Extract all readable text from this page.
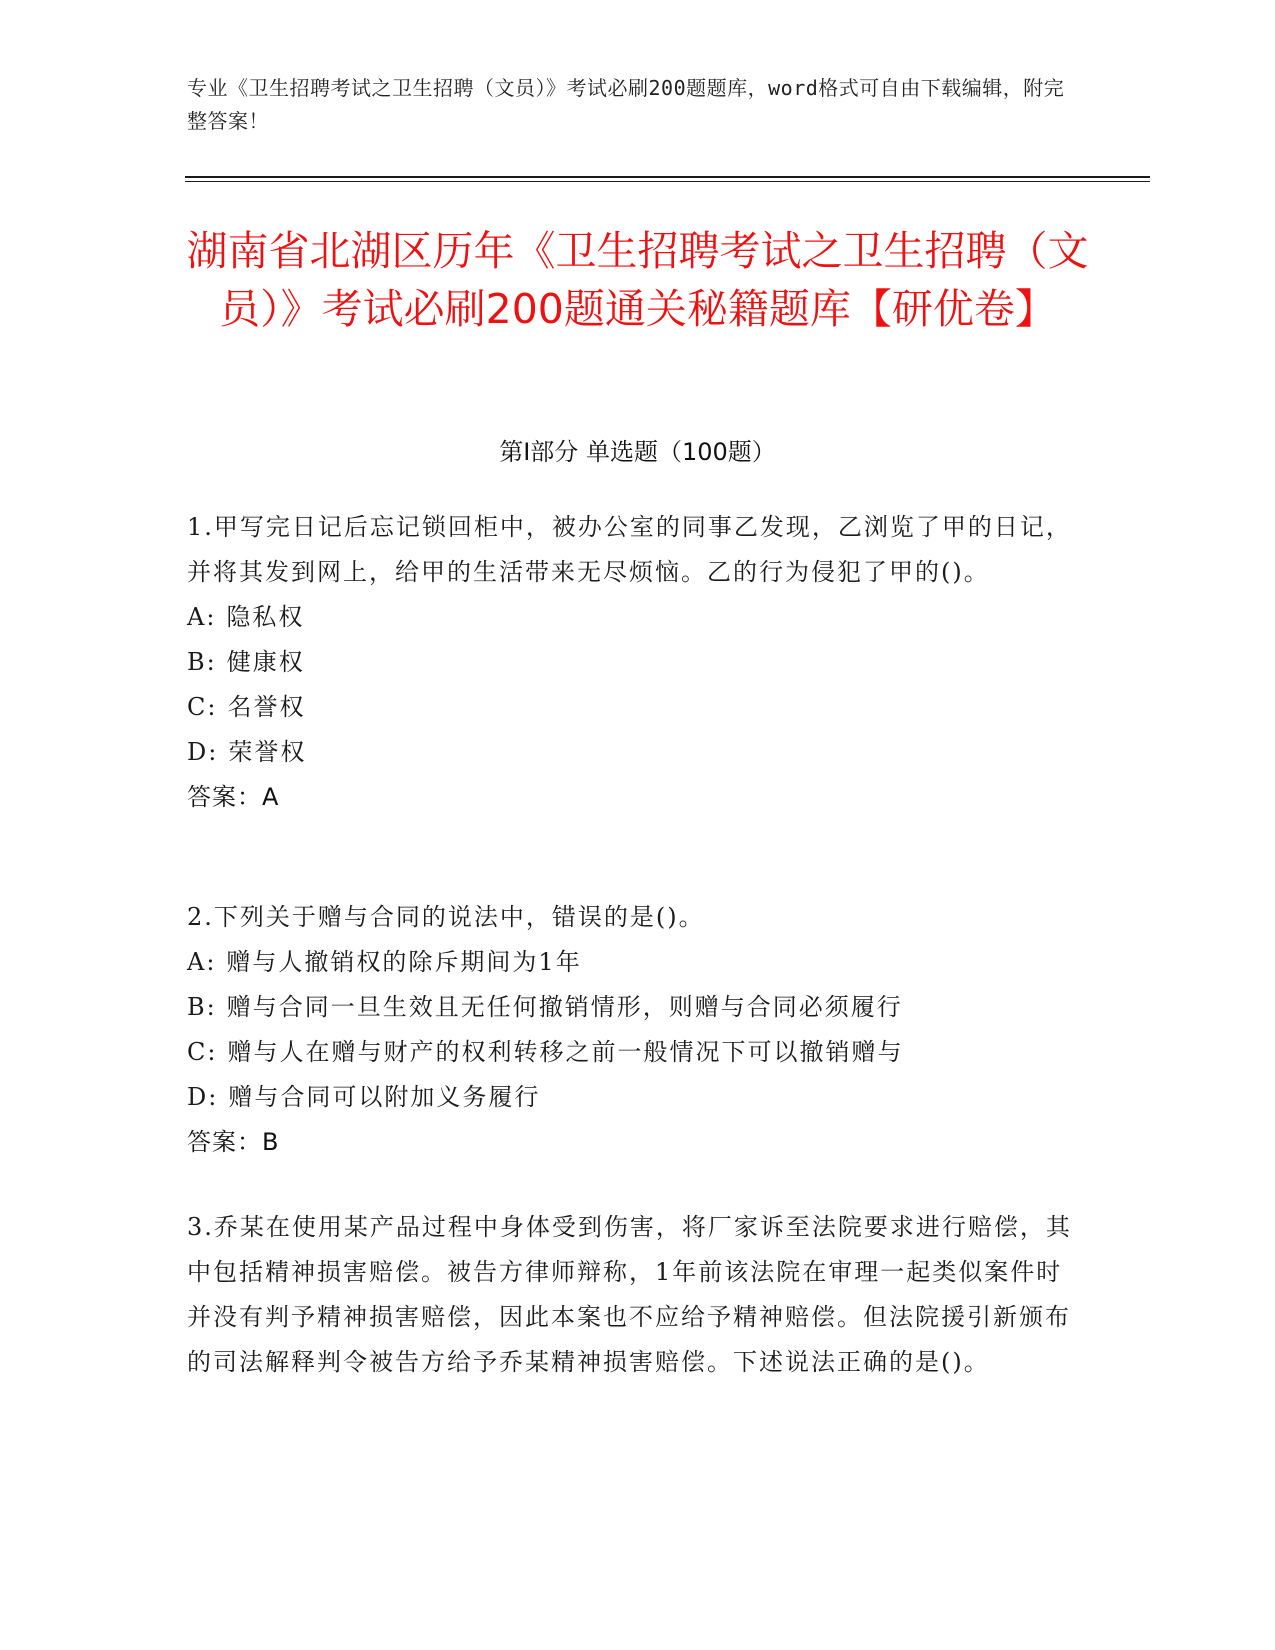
专业《卫生招聘考试之卫生招聘（文员）》考试必刷200题题库，word格式可自由下载编辑，附完整答案！
湖南省北湖区历年《卫生招聘考试之卫生招聘（文员）》考试必刷200题通关秘籍题库【研优卷】
第I部分 单选题（100题）
1.甲写完日记后忘记锁回柜中，被办公室的同事乙发现，乙浏览了甲的日记，并将其发到网上，给甲的生活带来无尽烦恼。乙的行为侵犯了甲的()。
A: 隐私权
B: 健康权
C: 名誉权
D: 荣誉权
答案：A
2.下列关于赠与合同的说法中，错误的是()。
A: 赠与人撤销权的除斥期间为1年
B: 赠与合同一旦生效且无任何撤销情形，则赠与合同必须履行
C: 赠与人在赠与财产的权利转移之前一般情况下可以撤销赠与
D: 赠与合同可以附加义务履行
答案：B
3.乔某在使用某产品过程中身体受到伤害，将厂家诉至法院要求进行赔偿，其中包括精神损害赔偿。被告方律师辩称，1年前该法院在审理一起类似案件时并没有判予精神损害赔偿，因此本案也不应给予精神赔偿。但法院援引新颁布的司法解释判令被告方给予乔某精神损害赔偿。下述说法正确的是()。
